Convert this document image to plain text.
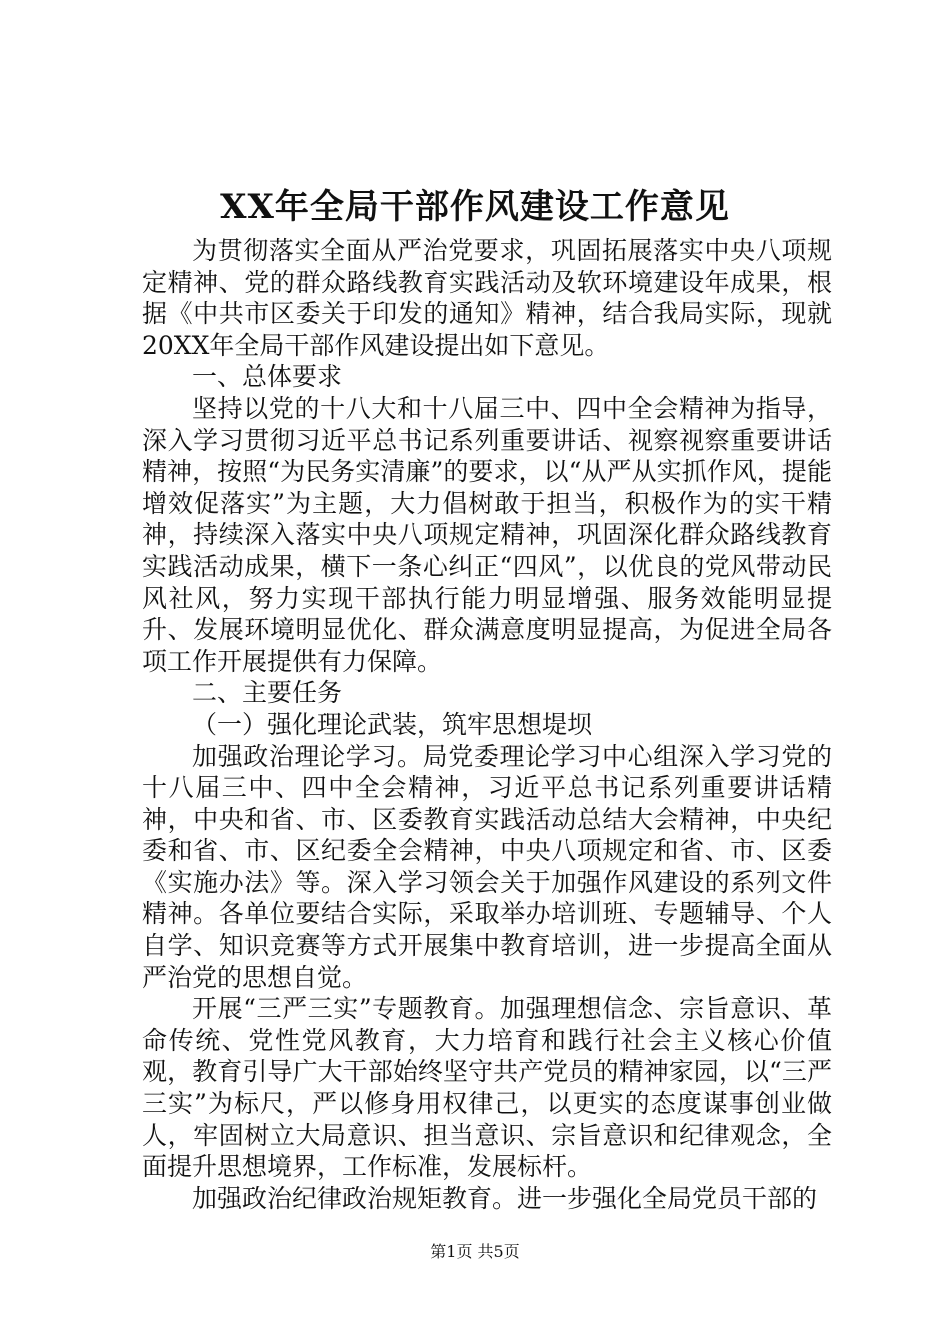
XX年全局干部作风建设工作意见

为贯彻落实全面从严治党要求，巩固拓展落实中央八项规定精神、党的群众路线教育实践活动及软环境建设年成果，根据《中共市区委关于印发的通知》精神，结合我局实际，现就20XX年全局干部作风建设提出如下意见。

一、总体要求

坚持以党的十八大和十八届三中、四中全会精神为指导，深入学习贯彻习近平总书记系列重要讲话、视察视察重要讲话精神，按照“为民务实清廉”的要求，以“从严从实抓作风，提能增效促落实”为主题，大力倡树敢于担当，积极作为的实干精神，持续深入落实中央八项规定精神，巩固深化群众路线教育实践活动成果，横下一条心纠正“四风”，以优良的党风带动民风社风，努力实现干部执行能力明显增强、服务效能明显提升、发展环境明显优化、群众满意度明显提高，为促进全局各项工作开展提供有力保障。

二、主要任务

（一）强化理论武装，筑牢思想堤坝

加强政治理论学习。局党委理论学习中心组深入学习党的十八届三中、四中全会精神，习近平总书记系列重要讲话精神，中央和省、市、区委教育实践活动总结大会精神，中央纪委和省、市、区纪委全会精神，中央八项规定和省、市、区委《实施办法》等。深入学习领会关于加强作风建设的系列文件精神。各单位要结合实际，采取举办培训班、专题辅导、个人自学、知识竞赛等方式开展集中教育培训，进一步提高全面从严治党的思想自觉。

开展“三严三实”专题教育。加强理想信念、宗旨意识、革命传统、党性党风教育，大力培育和践行社会主义核心价值观，教育引导广大干部始终坚守共产党员的精神家园，以“三严三实”为标尺，严以修身用权律己，以更实的态度谋事创业做人，牢固树立大局意识、担当意识、宗旨意识和纪律观念，全面提升思想境界，工作标准，发展标杆。

加强政治纪律政治规矩教育。进一步强化全局党员干部的

第1页 共5页
